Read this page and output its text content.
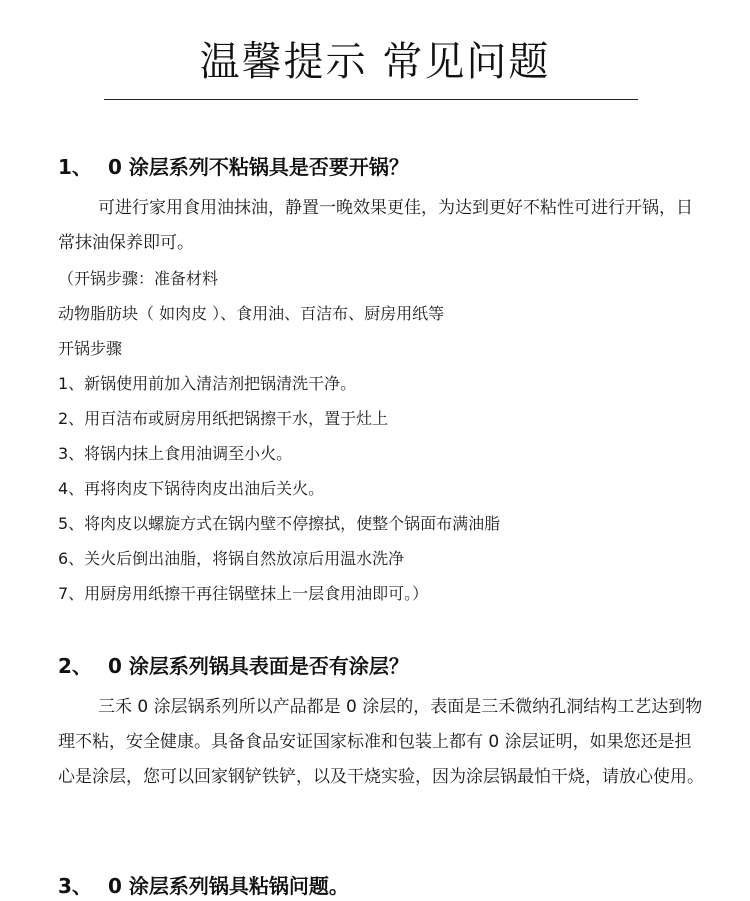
温馨提示 常见问题
1、 0 涂层系列不粘锅具是否要开锅？

可进行家用食用油抹油，静置一晚效果更佳，为达到更好不粘性可进行开锅，日常抹油保养即可。

（开锅步骤：准备材料

动物脂肪块（ 如肉皮 ）、食用油、百洁布、厨房用纸等

开锅步骤

1、新锅使用前加入清洁剂把锅清洗干净。

2、用百洁布或厨房用纸把锅擦干水，置于灶上

3、将锅内抹上食用油调至小火。

4、再将肉皮下锅待肉皮出油后关火。

5、将肉皮以螺旋方式在锅内壁不停擦拭，使整个锅面布满油脂

6、关火后倒出油脂，将锅自然放凉后用温水洗净

7、用厨房用纸擦干再往锅壁抹上一层食用油即可。）

2、 0 涂层系列锅具表面是否有涂层？

三禾 0 涂层锅系列所以产品都是 0 涂层的，表面是三禾微纳孔洞结构工艺达到物理不粘，安全健康。具备食品安证国家标准和包装上都有 0 涂层证明，如果您还是担心是涂层，您可以回家钢铲铁铲，以及干烧实验，因为涂层锅最怕干烧，请放心使用。

3、 0 涂层系列锅具粘锅问题。
